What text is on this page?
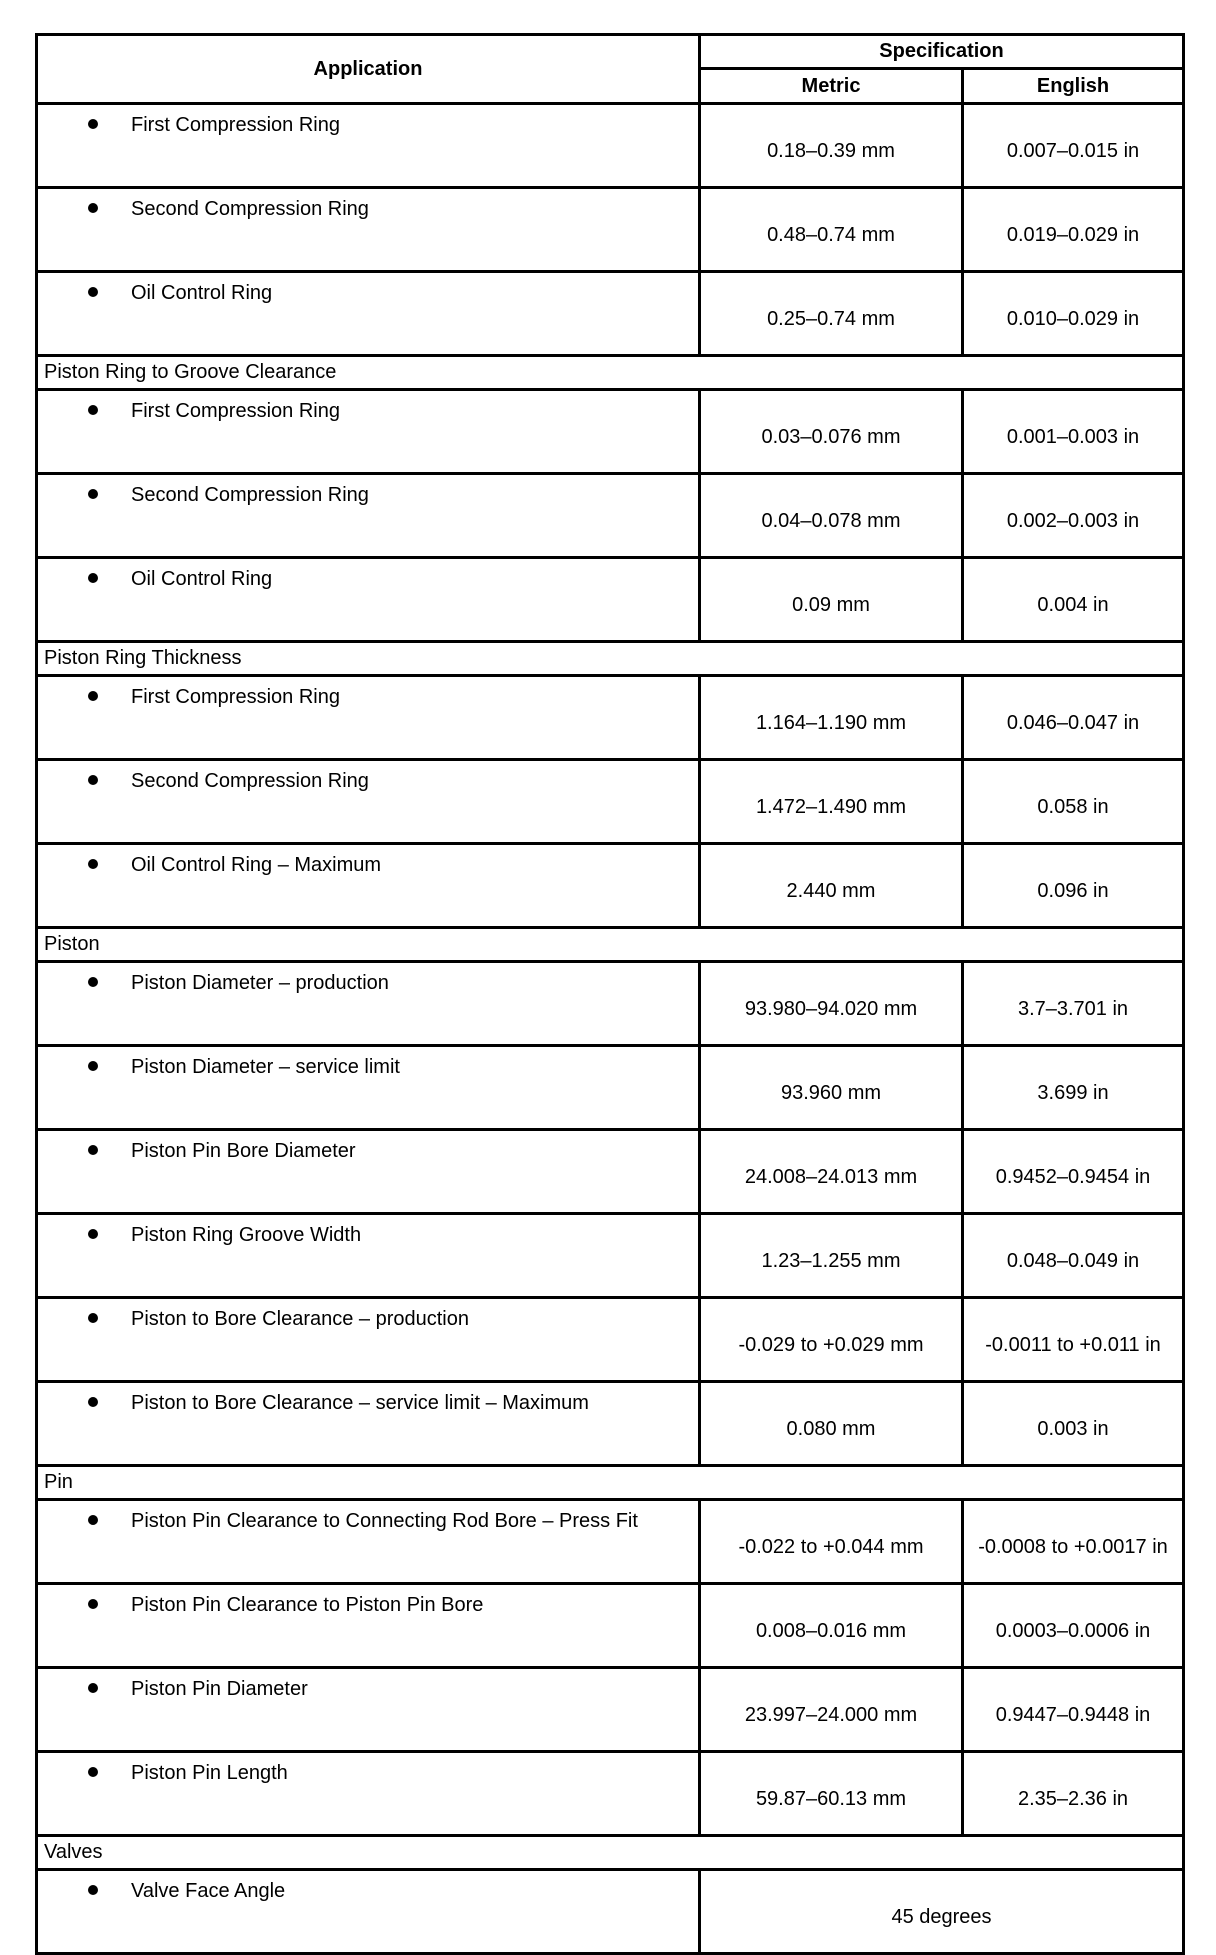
Application	Specification	
	Metric	English
First Compression Ring	0.18–0.39 mm	0.007–0.015 in
Second Compression Ring	0.48–0.74 mm	0.019–0.029 in
Oil Control Ring	0.25–0.74 mm	0.010–0.029 in
Piston Ring to Groove Clearance		
First Compression Ring	0.03–0.076 mm	0.001–0.003 in
Second Compression Ring	0.04–0.078 mm	0.002–0.003 in
Oil Control Ring	0.09 mm	0.004 in
Piston Ring Thickness		
First Compression Ring	1.164–1.190 mm	0.046–0.047 in
Second Compression Ring	1.472–1.490 mm	0.058 in
Oil Control Ring – Maximum	2.440 mm	0.096 in
Piston		
Piston Diameter – production	93.980–94.020 mm	3.7–3.701 in
Piston Diameter – service limit	93.960 mm	3.699 in
Piston Pin Bore Diameter	24.008–24.013 mm	0.9452–0.9454 in
Piston Ring Groove Width	1.23–1.255 mm	0.048–0.049 in
Piston to Bore Clearance – production	-0.029 to +0.029 mm	-0.0011 to +0.011 in
Piston to Bore Clearance – service limit – Maximum	0.080 mm	0.003 in
Pin		
Piston Pin Clearance to Connecting Rod Bore – Press Fit	-0.022 to +0.044 mm	-0.0008 to +0.0017 in
Piston Pin Clearance to Piston Pin Bore	0.008–0.016 mm	0.0003–0.0006 in
Piston Pin Diameter	23.997–24.000 mm	0.9447–0.9448 in
Piston Pin Length	59.87–60.13 mm	2.35–2.36 in
Valves		
Valve Face Angle	45 degrees	
